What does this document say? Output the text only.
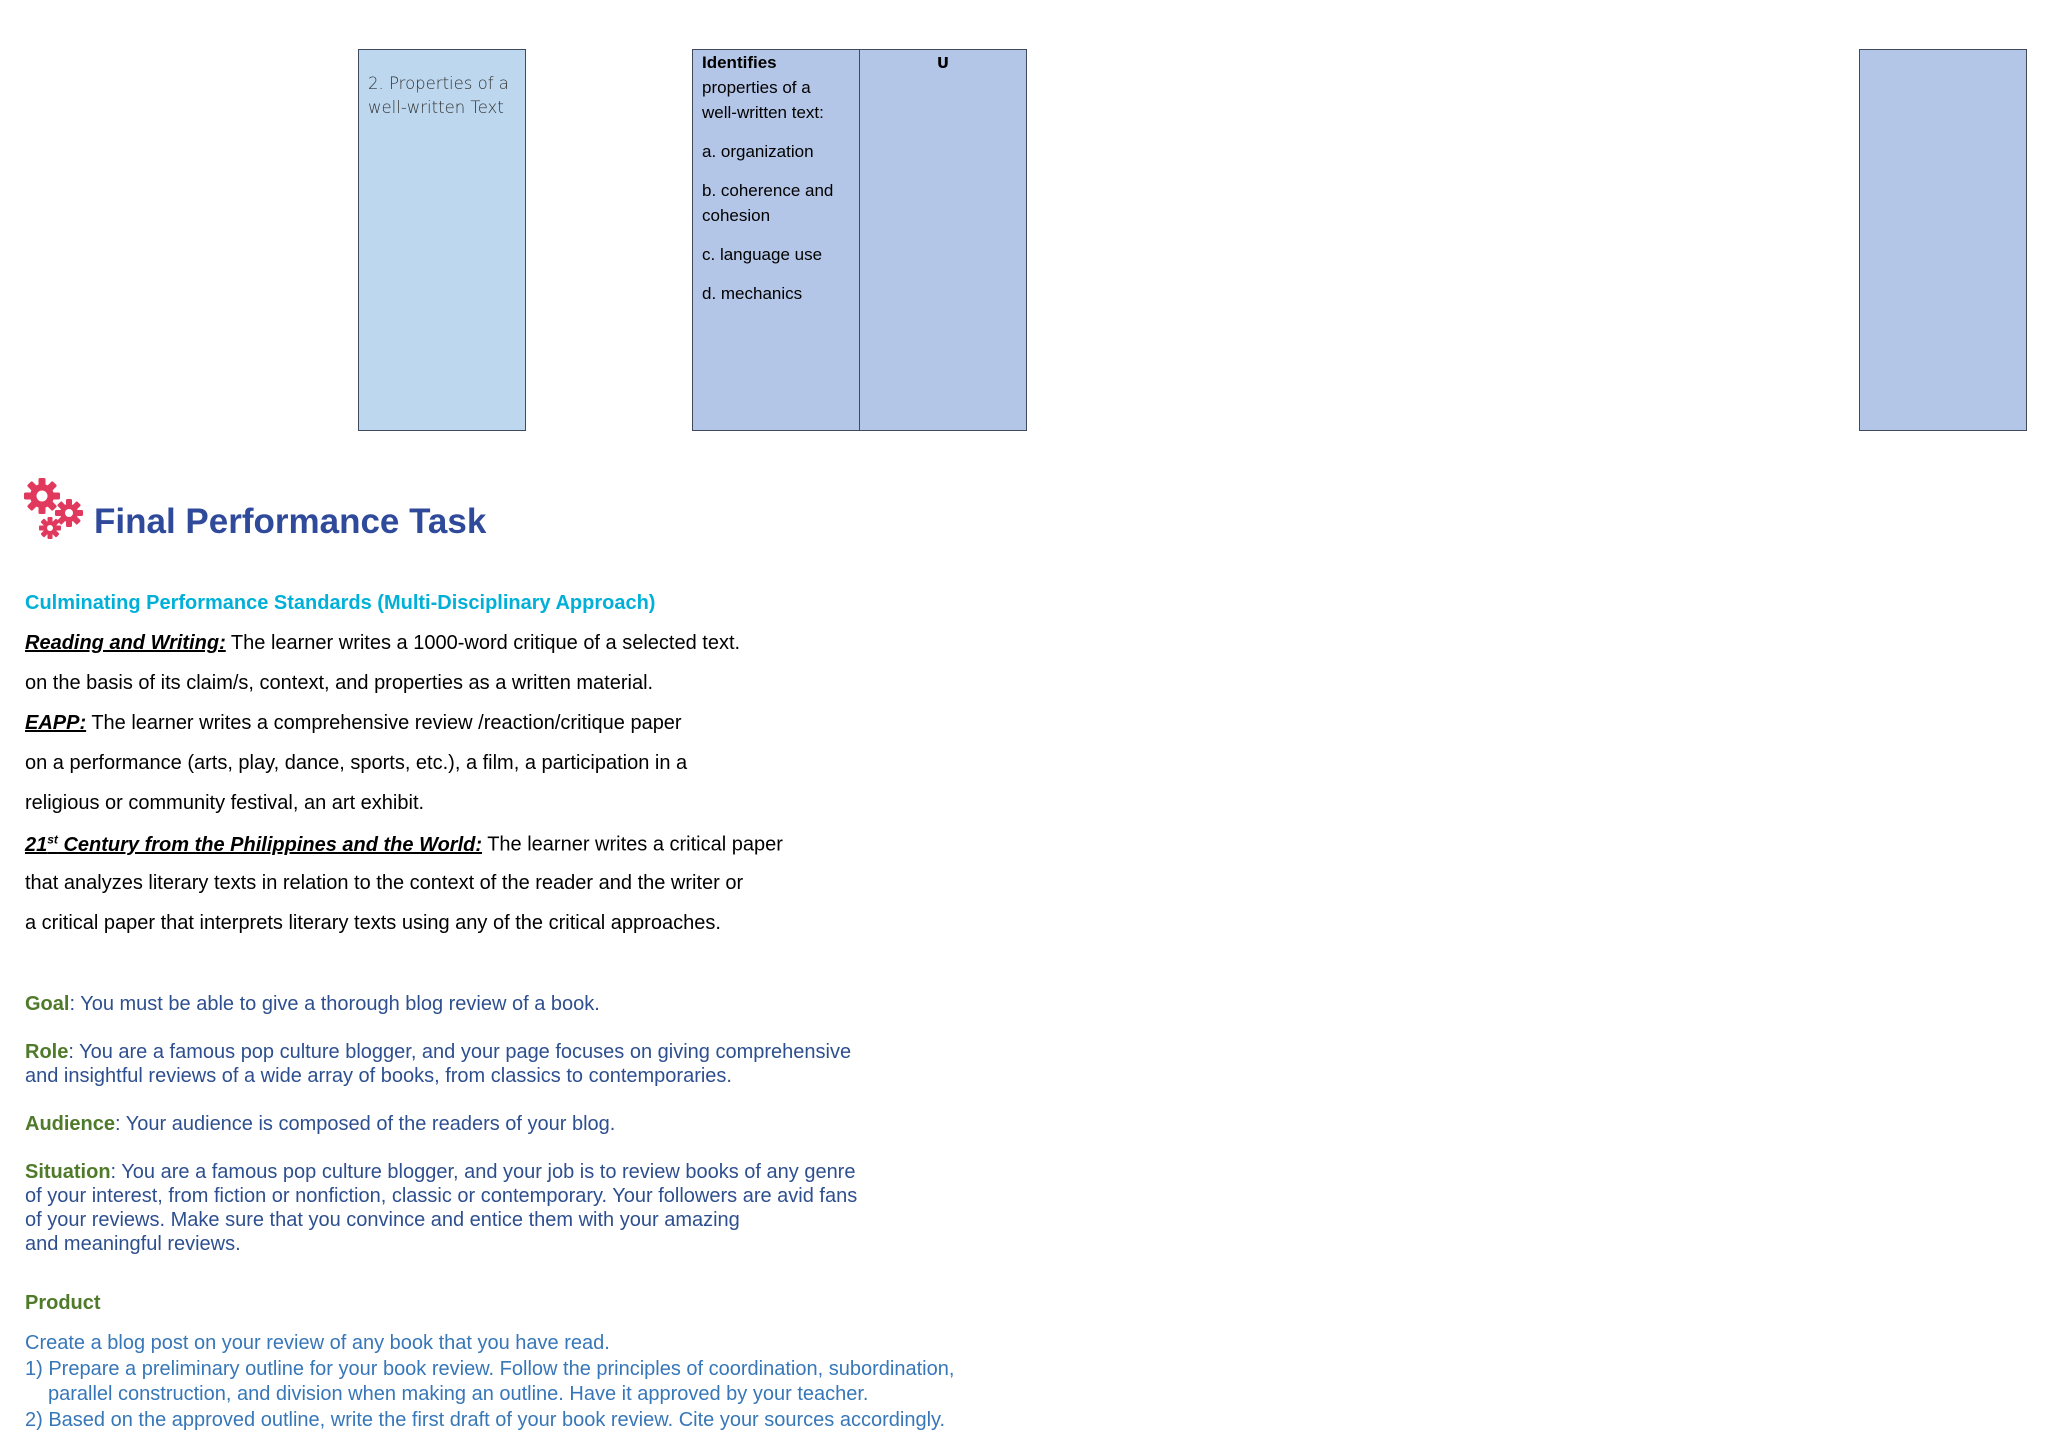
2. Properties of a well-written Text

Identifies

properties of a well-written text:

a. organization

b. coherence and cohesion

c. language use

d. mechanics

U
Final Performance Task
Culminating Performance Standards (Multi-Disciplinary Approach)
Reading and Writing: The learner writes a 1000-word critique of a selected text.
on the basis of its claim/s, context, and properties as a written material.
EAPP: The learner writes a comprehensive review /reaction/critique paper
on a performance (arts, play, dance, sports, etc.), a film, a participation in a
religious or community festival, an art exhibit.
21st Century from the Philippines and the World: The learner writes a critical paper
that analyzes literary texts in relation to the context of the reader and the writer or
a critical paper that interprets literary texts using any of the critical approaches.
Goal: You must be able to give a thorough blog review of a book.
Role: You are a famous pop culture blogger, and your page focuses on giving comprehensive
and insightful reviews of a wide array of books, from classics to contemporaries.
Audience: Your audience is composed of the readers of your blog.
Situation: You are a famous pop culture blogger, and your job is to review books of any genre
of your interest, from fiction or nonfiction, classic or contemporary. Your followers are avid fans
of your reviews. Make sure that you convince and entice them with your amazing
and meaningful reviews.
Product
Create a blog post on your review of any book that you have read.
1) Prepare a preliminary outline for your book review. Follow the principles of coordination, subordination,
parallel construction, and division when making an outline. Have it approved by your teacher.
2) Based on the approved outline, write the first draft of your book review. Cite your sources accordingly.
